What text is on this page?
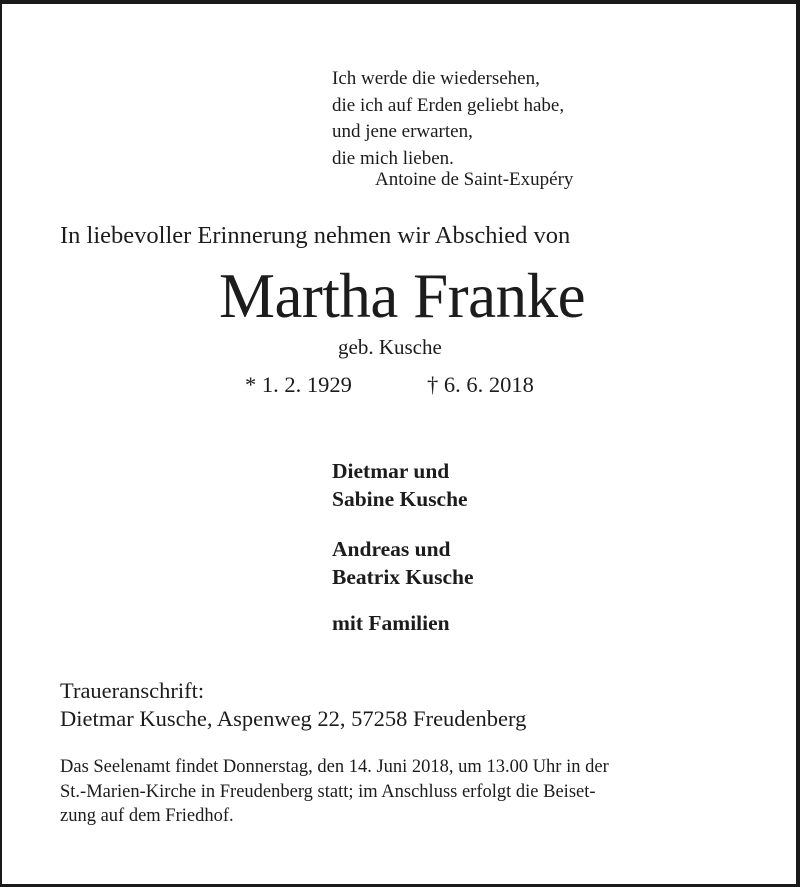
Ich werde die wiedersehen,
die ich auf Erden geliebt habe,
und jene erwarten,
die mich lieben.
Antoine de Saint-Exupéry
In liebevoller Erinnerung nehmen wir Abschied von
Martha Franke
geb. Kusche
* 1. 2. 1929	† 6. 6. 2018
Dietmar und
Sabine Kusche
Andreas und
Beatrix Kusche
mit Familien
Traueranschrift:
Dietmar Kusche, Aspenweg 22, 57258 Freudenberg
Das Seelenamt findet Donnerstag, den 14. Juni 2018, um 13.00 Uhr in der
St.-Marien-Kirche in Freudenberg statt; im Anschluss erfolgt die Beiset-
zung auf dem Friedhof.
